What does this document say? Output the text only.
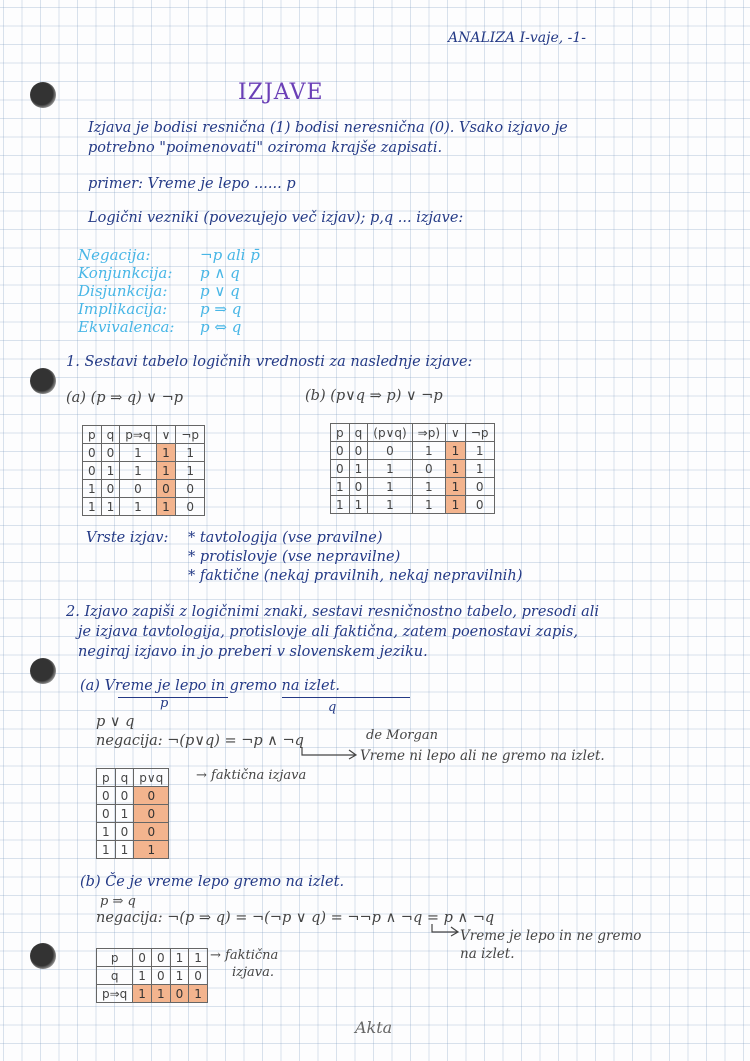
ANALIZA I-vaje, -1-
IZJAVE
Izjava je bodisi resnična (1) bodisi neresnična (0). Vsako izjavo je
potrebno "poimenovati" oziroma krajše zapisati.
primer: Vreme je lepo ...... p
Logični vezniki (povezujejo več izjav); p,q ... izjave:
Negacija:	¬p ali p̄
Konjunkcija: p ∧ q
Disjunkcija: p ∨ q
Implikacija: p ⇒ q
Ekvivalenca: p ⇔ q
1. Sestavi tabelo logičnih vrednosti za naslednje izjave:
(a) (p ⇒ q) ∨ ¬p	(b) (p∨q ⇒ p) ∨ ¬p
p	q	p⇒q	∨	¬p
0	0	1	1	1
0	1	1	1	1
1	0	0	0	0
1	1	1	1	0
p	q	(p∨q)	⇒p)	∨	¬p
0	0	0	1	1	1
0	1	1	0	1	1
1	0	1	1	1	0
1	1	1	1	1	0
Vrste izjav: * tavtologija (vse pravilne)
* protislovje (vse nepravilne)
* faktične (nekaj pravilnih, nekaj nepravilnih)
2. Izjavo zapiši z logičnimi znaki, sestavi resničnostno tabelo, presodi ali
je izjava tavtologija, protislovje ali faktična, zatem poenostavi zapis,
negiraj izjavo in jo preberi v slovenskem jeziku.
(a) Vreme je lepo in gremo na izlet.
p	q
p ∨ q
negacija: ¬(p∨q) = ¬p ∧ ¬q	de Morgan
Vreme ni lepo ali ne gremo na izlet.
p	q	p∨q
0	0	0
0	1	0
1	0	0
1	1	1
→ faktična izjava
(b) Če je vreme lepo gremo na izlet.
p ⇒ q
negacija: ¬(p ⇒ q) = ¬(¬p ∨ q) = ¬¬p ∧ ¬q = p ∧ ¬q
Vreme je lepo in ne gremo
na izlet.
p	0	0	1	1
q	1	0	1	0
p⇒q	1	1	0	1
→ faktična
izjava.
Akta
